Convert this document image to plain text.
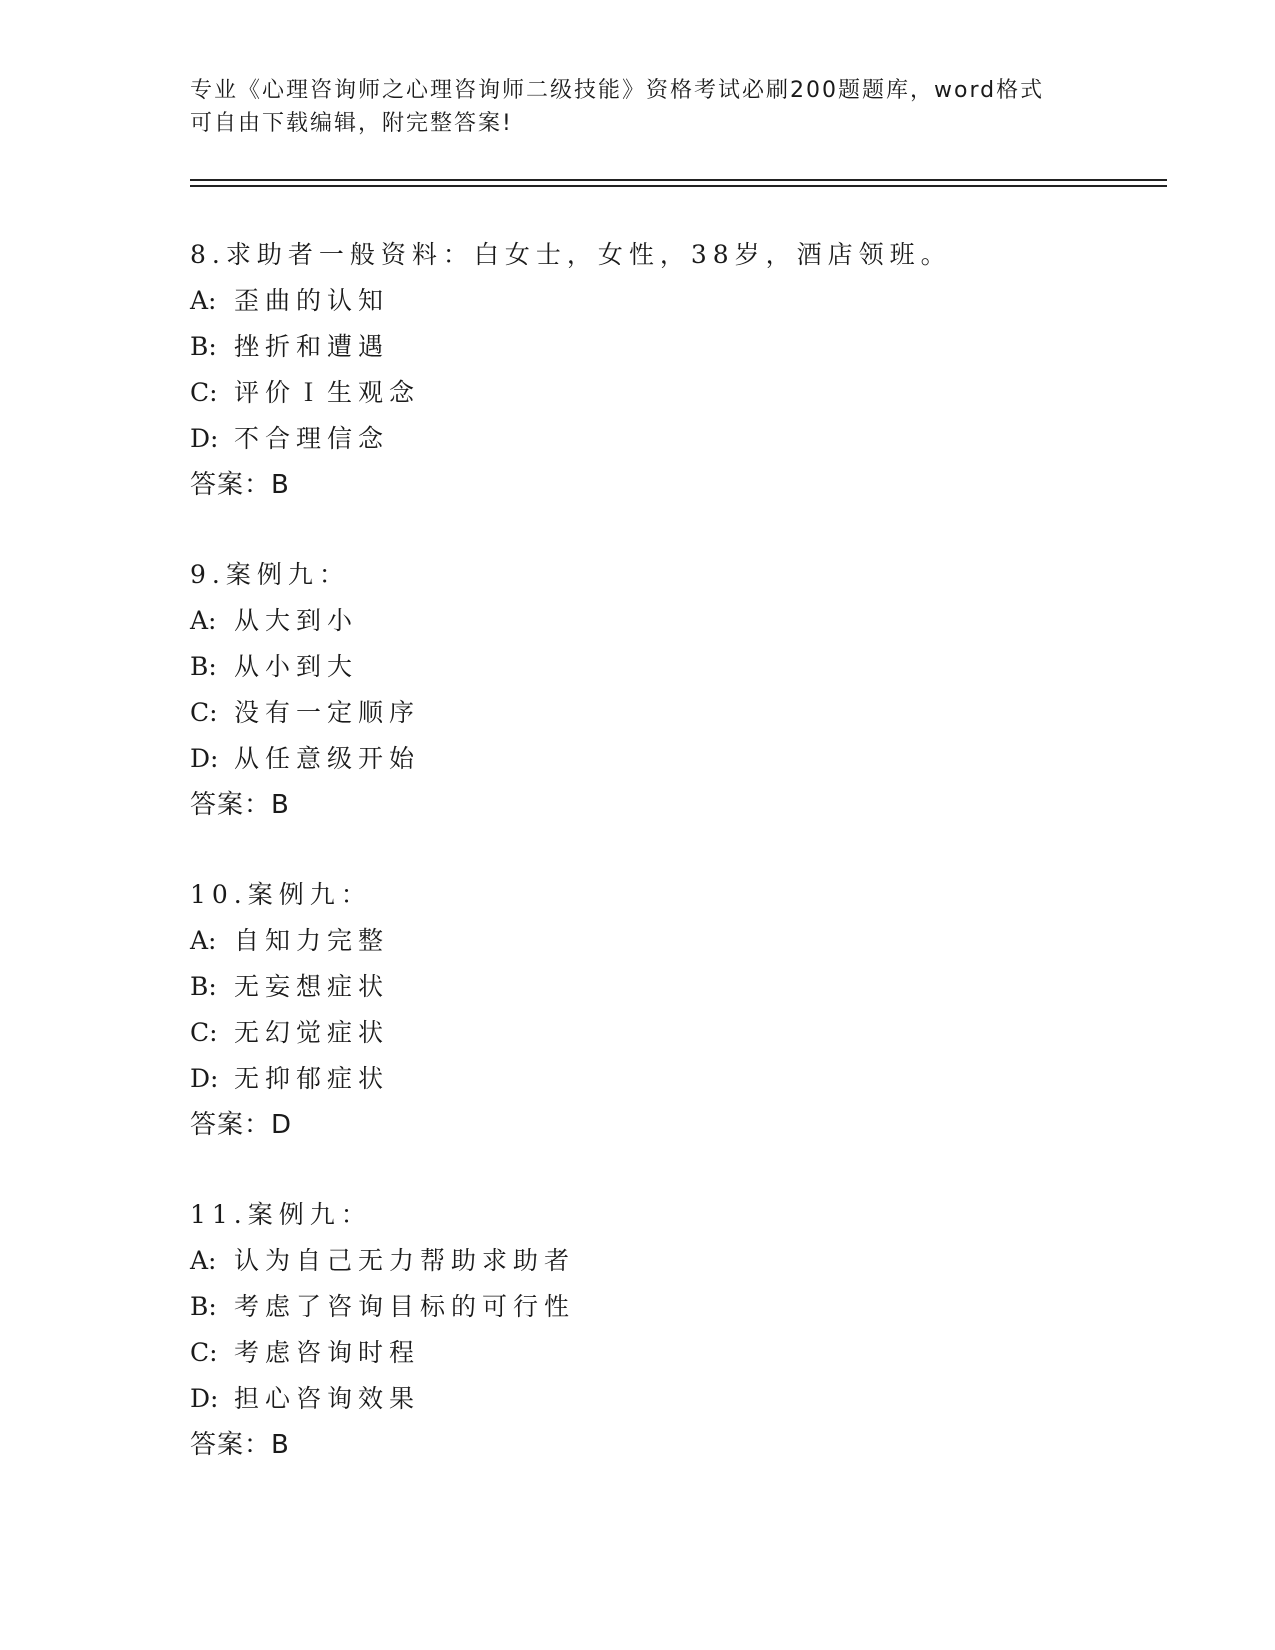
专业《心理咨询师之心理咨询师二级技能》资格考试必刷200题题库，word格式
可自由下载编辑，附完整答案!
8.求助者一般资料：白女士，女性，38岁，酒店领班。
A: 歪曲的认知
B: 挫折和遭遇
C: 评价Ｉ生观念
D: 不合理信念
答案：B
9.案例九：
A: 从大到小
B: 从小到大
C: 没有一定顺序
D: 从任意级开始
答案：B
10.案例九：
A: 自知力完整
B: 无妄想症状
C: 无幻觉症状
D: 无抑郁症状
答案：D
11.案例九：
A: 认为自己无力帮助求助者
B: 考虑了咨询目标的可行性
C: 考虑咨询时程
D: 担心咨询效果
答案：B
